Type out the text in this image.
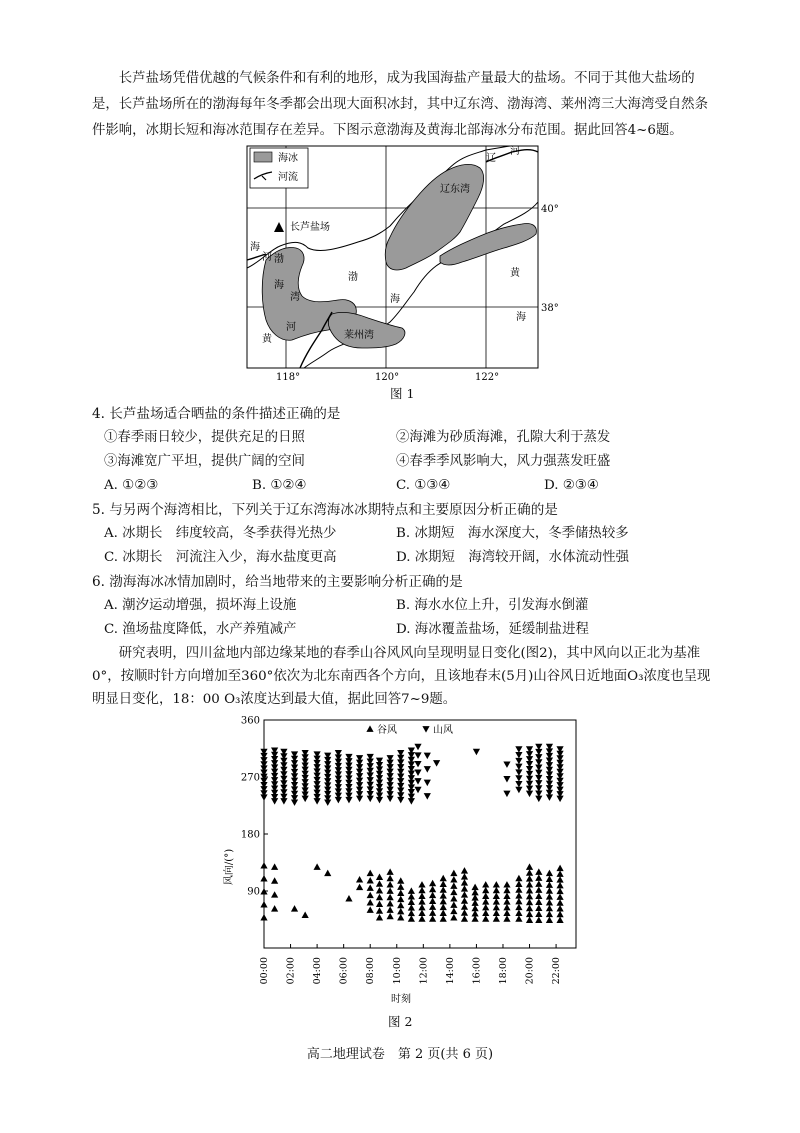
长芦盐场凭借优越的气候条件和有利的地形，成为我国海盐产量最大的盐场。不同于其他大盐场的是，长芦盐场所在的渤海每年冬季都会出现大面积冰封，其中辽东湾、渤海湾、莱州湾三大海湾受自然条件影响，冰期长短和海冰范围存在差异。下图示意渤海及黄海北部海冰分布范围。据此回答4~6题。
海冰
河流
长芦盐场
辽
河
辽东湾
海
河 渤
海
湾
渤
海
黄
海
莱州湾
黄
河
40°
38°
118°	120°	122°
图 1
4. 长芦盐场适合晒盐的条件描述正确的是
①春季雨日较少，提供充足的日照	②海滩为砂质海滩，孔隙大利于蒸发
③海滩宽广平坦，提供广阔的空间	④春季季风影响大，风力强蒸发旺盛
A. ①②③	B. ①②④	C. ①③④	D. ②③④
5. 与另两个海湾相比，下列关于辽东湾海冰冰期特点和主要原因分析正确的是
A. 冰期长　纬度较高，冬季获得光热少	B. 冰期短　海水深度大，冬季储热较多
C. 冰期长　河流注入少，海水盐度更高	D. 冰期短　海湾较开阔，水体流动性强
6. 渤海海冰冰情加剧时，给当地带来的主要影响分析正确的是
A. 潮汐运动增强，损坏海上设施	B. 海水水位上升，引发海水倒灌
C. 渔场盐度降低，水产养殖减产	D. 海冰覆盖盐场，延缓制盐进程
研究表明，四川盆地内部边缘某地的春季山谷风风向呈现明显日变化(图2)，其中风向以正北为基准0°，按顺时针方向增加至360°依次为北东南西各个方向，且该地春末(5月)山谷风日近地面O₃浓度也呈现明显日变化，18：00 O₃浓度达到最大值，据此回答7~9题。
90
180
270
360
00:00 02:00 04:00 06:00 08:00 10:00 12:00 14:00 16:00 18:00 20:00 22:00
谷风	山风
风向/(°)
时刻
图 2
高二地理试卷　第 2 页(共 6 页)
